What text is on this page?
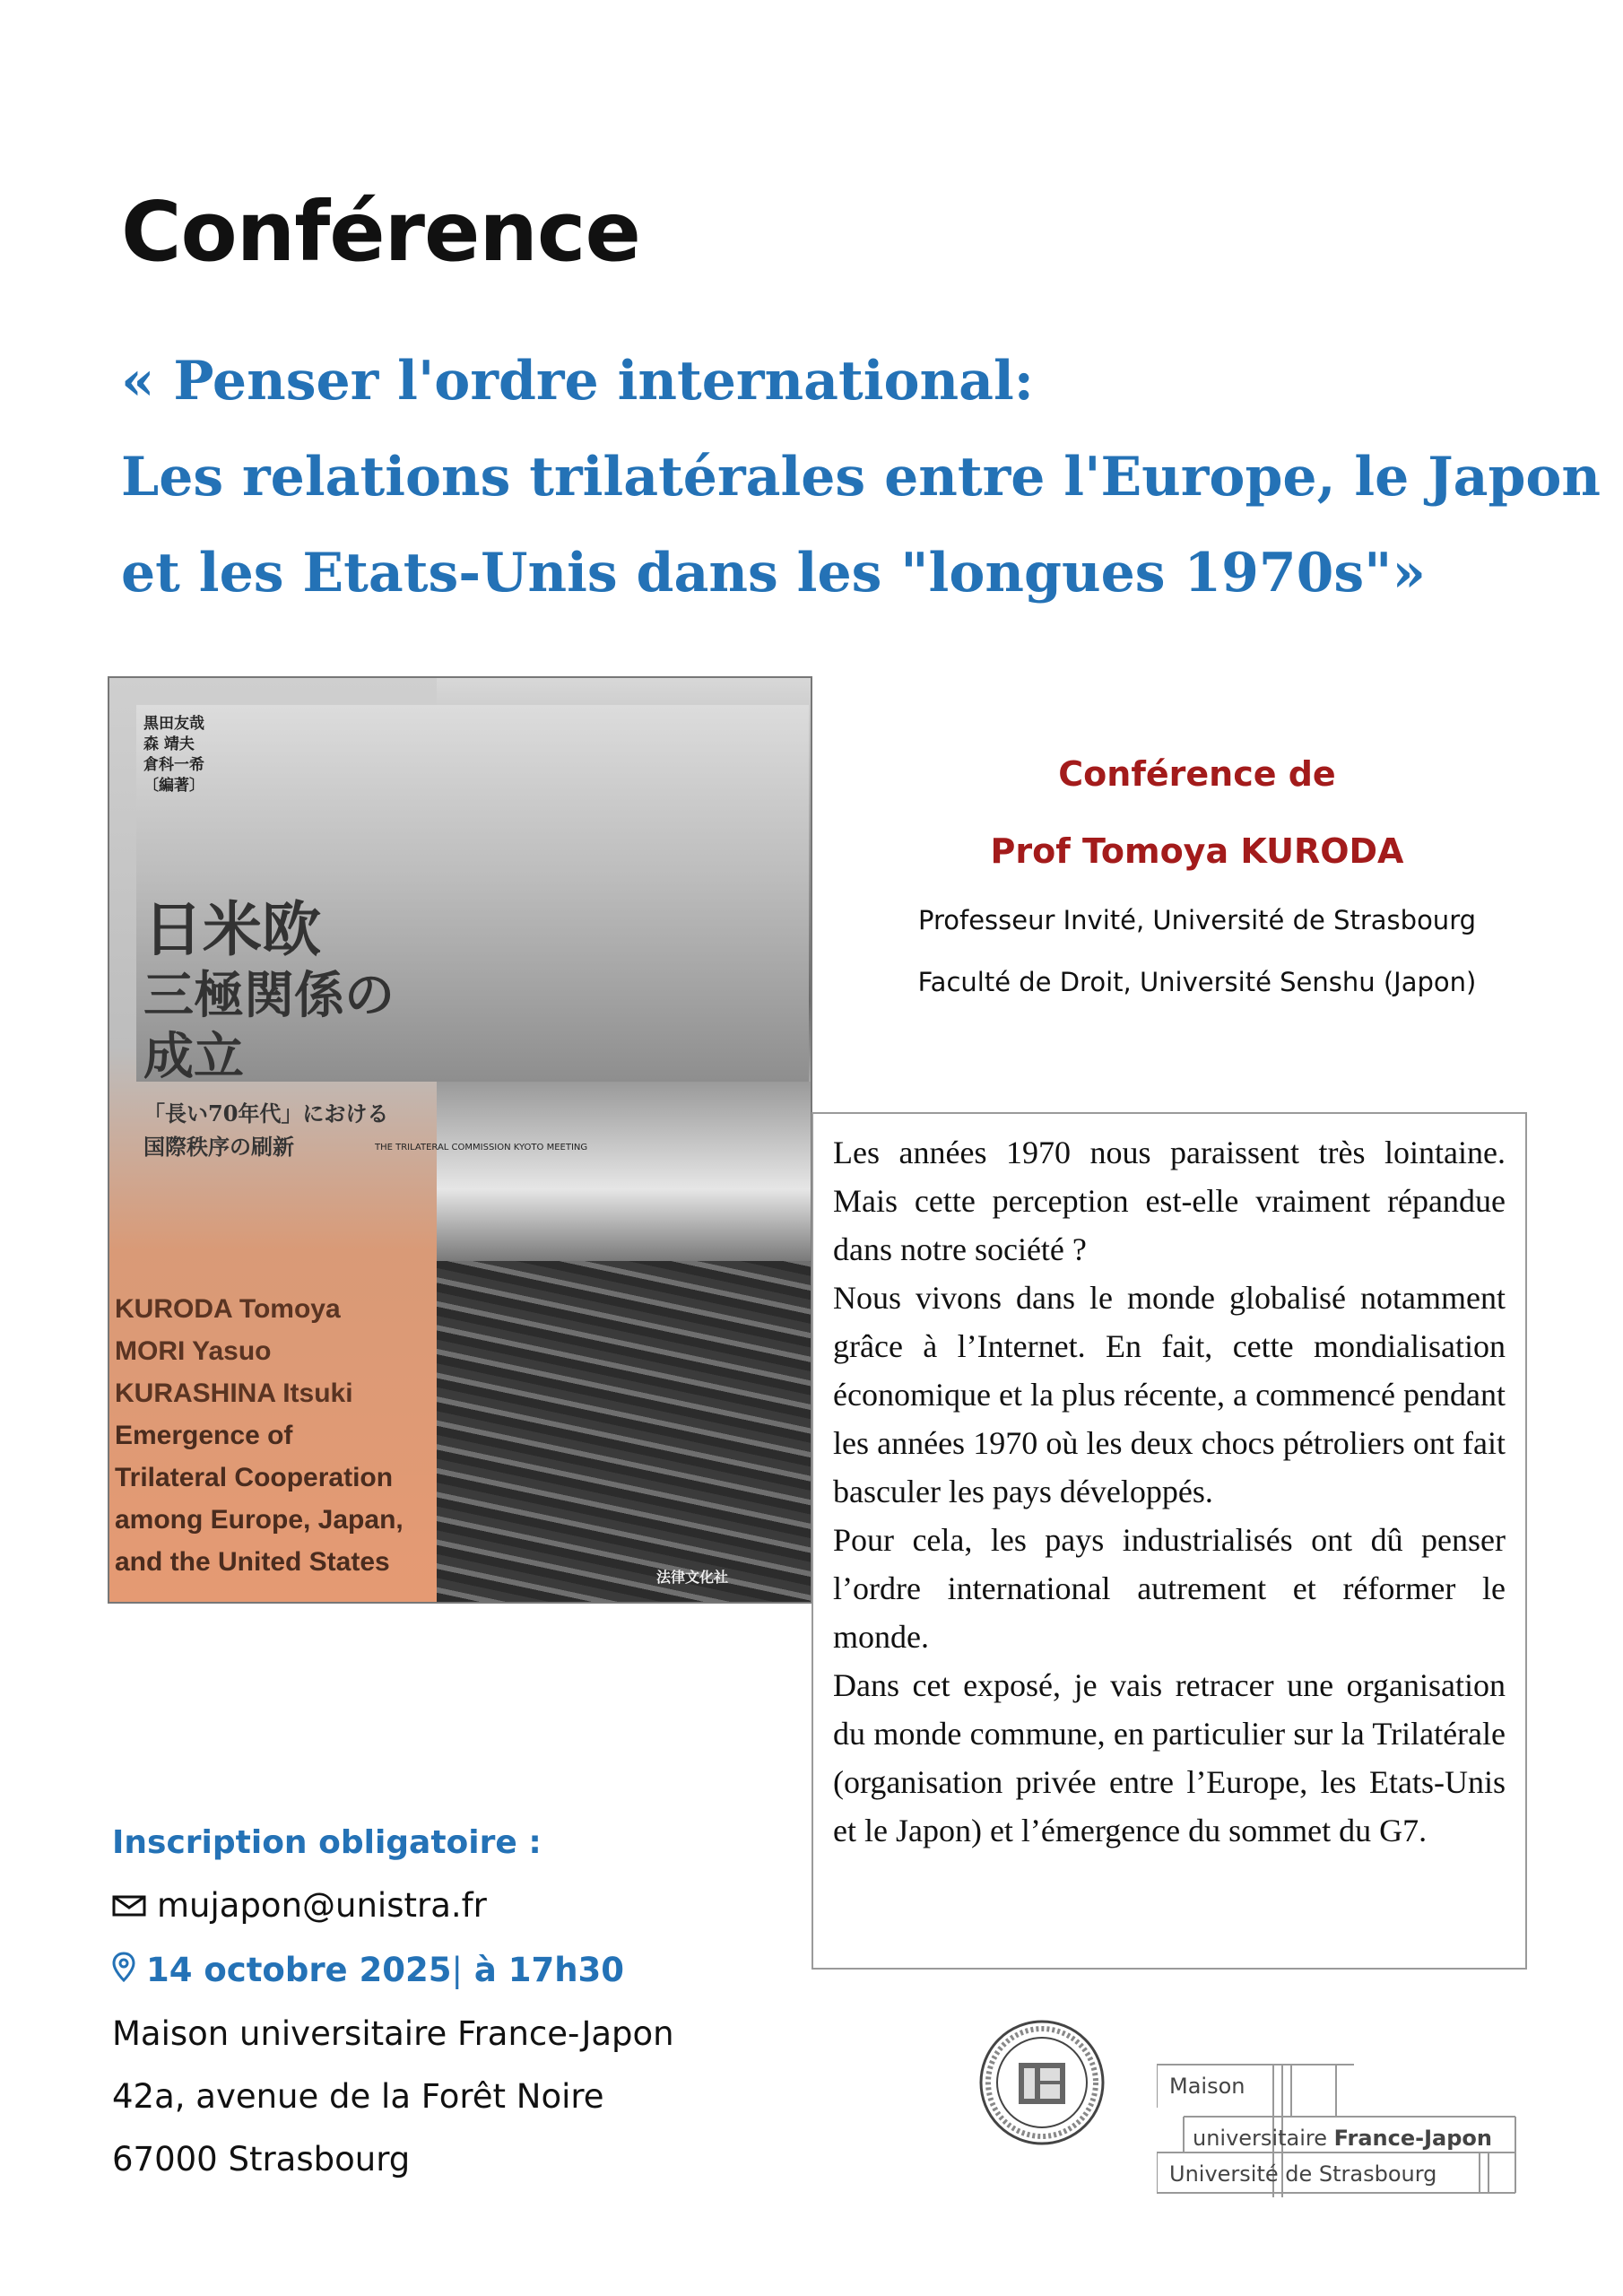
Conférence
« Penser l'ordre international:
Les relations trilatérales entre l'Europe, le Japon
et les Etats-Unis dans les "longues 1970s"»
黒田友哉
森 靖夫
倉科一希
〔編著〕
日米欧
三極関係の
成立
「長い70年代」における
国際秩序の刷新	THE TRILATERAL COMMISSION KYOTO MEETING
KURODA Tomoya
MORI Yasuo
KURASHINA Itsuki
Emergence of
Trilateral Cooperation
among Europe, Japan,
and the United States
法律文化社
Conférence de
Prof Tomoya KURODA
Professeur Invité, Université de Strasbourg
Faculté de Droit, Université Senshu (Japon)

Les années 1970 nous paraissent très lointaine. Mais cette perception est-elle vraiment répandue dans notre société ?

Nous vivons dans le monde globalisé notamment grâce à l’Internet. En fait, cette mondialisation économique et la plus récente, a commencé pendant les années 1970 où les deux chocs pétroliers ont fait basculer les pays développés.

Pour cela, les pays industrialisés ont dû penser l’ordre international autrement et réformer le monde.

Dans cet exposé, je vais retracer une organisation du monde commune, en particulier sur la Trilatérale (organisation privée entre l’Europe, les Etats-Unis et le Japon) et l’émergence du sommet du G7.

Inscription obligatoire :
mujapon@unistra.fr
14 octobre 2025| à 17h30
Maison universitaire France-Japon
42a, avenue de la Forêt Noire
67000 Strasbourg
Maison
universitaire France-Japon
Université de Strasbourg
